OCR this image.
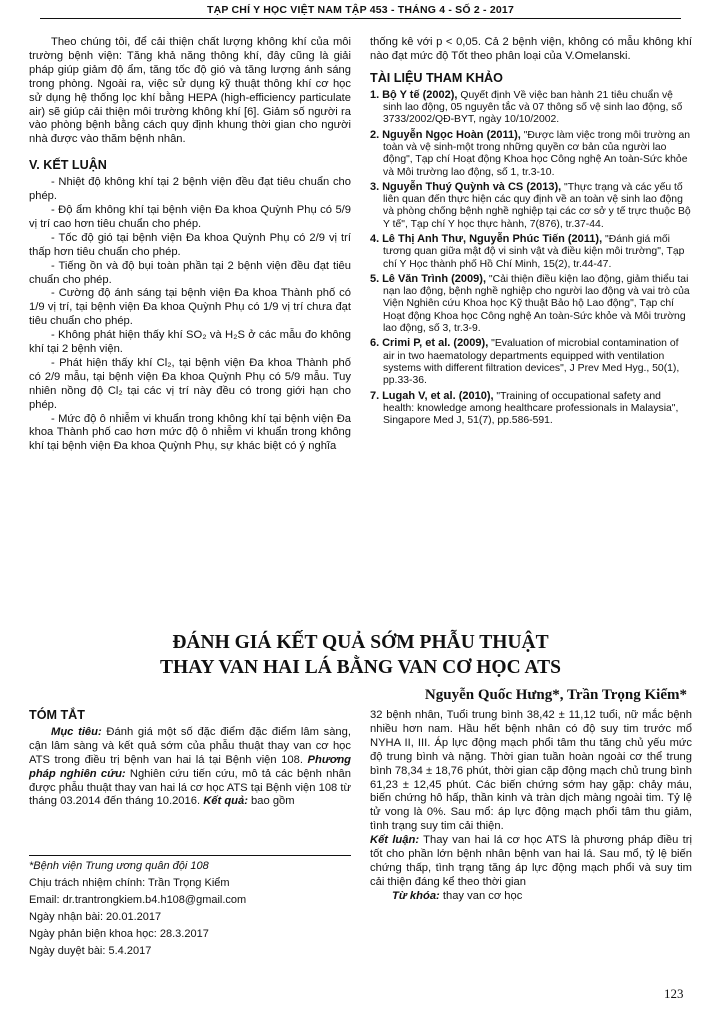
TẠP CHÍ Y HỌC VIỆT NAM TẬP 453 - THÁNG 4 - SỐ 2 - 2017

Theo chúng tôi, để cải thiện chất lượng không khí của môi trường bệnh viện: Tăng khả năng thông khí, đây cũng là giải pháp giúp giảm độ ẩm, tăng tốc độ gió và tăng lượng ánh sáng trong phòng. Ngoài ra, việc sử dụng kỹ thuật thông khí cơ học sử dụng hệ thống lọc khí bằng HEPA (high-efficiency particulate air) sẽ giúp cải thiện môi trường không khí [6]. Giảm số người ra vào phòng bệnh bằng cách quy định khung thời gian cho người nhà được vào thăm bệnh nhân.

V. KẾT LUẬN

- Nhiệt độ không khí tại 2 bệnh viện đều đạt tiêu chuẩn cho phép.

- Độ ẩm không khí tại bệnh viện Đa khoa Quỳnh Phụ có 5/9 vị trí cao hơn tiêu chuẩn cho phép.

- Tốc độ gió tại bệnh viện Đa khoa Quỳnh Phụ có 2/9 vị trí thấp hơn tiêu chuẩn cho phép.

- Tiếng ồn và độ bụi toàn phần tại 2 bệnh viện đều đạt tiêu chuẩn cho phép.

- Cường độ ánh sáng tại bệnh viện Đa khoa Thành phố có 1/9 vị trí, tại bệnh viện Đa khoa Quỳnh Phụ có 1/9 vị trí chưa đạt tiêu chuẩn cho phép.

- Không phát hiện thấy khí SO₂ và H₂S ở các mẫu đo không khí tại 2 bệnh viện.

- Phát hiện thấy khí Cl₂, tại bệnh viện Đa khoa Thành phố có 2/9 mẫu, tại bệnh viện Đa khoa Quỳnh Phụ có 5/9 mẫu. Tuy nhiên nồng độ Cl₂ tại các vị trí này đều có trong giới hạn cho phép.

- Mức độ ô nhiễm vi khuẩn trong không khí tại bệnh viện Đa khoa Thành phố cao hơn mức độ ô nhiễm vi khuẩn trong không khí tại bệnh viện Đa khoa Quỳnh Phụ, sự khác biệt có ý nghĩa

thống kê với p < 0,05. Cả 2 bệnh viện, không có mẫu không khí nào đạt mức độ Tốt theo phân loại của V.Omelanski.

TÀI LIỆU THAM KHẢO
1. Bộ Y tế (2002), Quyết định Về việc ban hành 21 tiêu chuẩn vệ sinh lao động, 05 nguyên tắc và 07 thông số vệ sinh lao động, số 3733/2002/QĐ-BYT, ngày 10/10/2002.
2. Nguyễn Ngọc Hoàn (2011), "Được làm việc trong môi trường an toàn và vệ sinh-một trong những quyền cơ bản của người lao động", Tạp chí Hoạt động Khoa học Công nghệ An toàn-Sức khỏe và Môi trường lao động, số 1, tr.3-10.
3. Nguyễn Thuý Quỳnh và CS (2013), "Thực trạng và các yếu tố liên quan đến thực hiện các quy định về an toàn vệ sinh lao động và phòng chống bệnh nghề nghiệp tại các cơ sở y tế trực thuộc Bộ Y tế", Tạp chí Y học thực hành, 7(876), tr.37-44.
4. Lê Thị Anh Thư, Nguyễn Phúc Tiến (2011), "Đánh giá mối tương quan giữa mật độ vi sinh vật và điều kiện môi trường", Tạp chí Y Học thành phố Hồ Chí Minh, 15(2), tr.44-47.
5. Lê Văn Trình (2009), "Cải thiện điều kiện lao động, giảm thiểu tai nạn lao động, bệnh nghề nghiệp cho người lao động và vai trò của Viện Nghiên cứu Khoa học Kỹ thuật Bảo hộ Lao động", Tạp chí Hoạt động Khoa học Công nghệ An toàn-Sức khỏe và Môi trường lao động, số 3, tr.3-9.
6. Crimi P, et al. (2009), "Evaluation of microbial contamination of air in two haematology departments equipped with ventilation systems with different filtration devices", J Prev Med Hyg., 50(1), pp.33-36.
7. Lugah V, et al. (2010), "Training of occupational safety and health: knowledge among healthcare professionals in Malaysia", Singapore Med J, 51(7), pp.586-591.
ĐÁNH GIÁ KẾT QUẢ SỚM PHẪU THUẬT
THAY VAN HAI LÁ BẰNG VAN CƠ HỌC ATS
Nguyễn Quốc Hưng*, Trần Trọng Kiểm*
TÓM TẮT

Mục tiêu: Đánh giá một số đặc điểm đặc điểm lâm sàng, cận lâm sàng và kết quả sớm của phẫu thuật thay van cơ học ATS trong điều trị bệnh van hai lá tại Bệnh viện 108. Phương pháp nghiên cứu: Nghiên cứu tiến cứu, mô tả các bệnh nhân được phẫu thuật thay van hai lá cơ học ATS tại Bệnh viện 108 từ tháng 03.2014 đến tháng 10.2016. Kết quả: bao gồm

32 bệnh nhân, Tuổi trung bình 38,42 ± 11,12 tuổi, nữ mắc bệnh nhiều hơn nam. Hầu hết bệnh nhân có độ suy tim trước mổ NYHA II, III. Áp lực động mạch phổi tâm thu tăng chủ yếu mức độ trung bình và nặng. Thời gian tuần hoàn ngoài cơ thể trung bình 78,34 ± 18,76 phút, thời gian cặp động mạch chủ trung bình 61,23 ± 12,45 phút. Các biến chứng sớm hay gặp: chảy máu, biến chứng hô hấp, thần kinh và tràn dịch màng ngoài tim. Tỷ lệ tử vong là 0%. Sau mổ: áp lực động mạch phổi tâm thu giảm, tình trạng suy tim cải thiện.

Kết luận: Thay van hai lá cơ học ATS là phương pháp điều trị tốt cho phần lớn bệnh nhân bệnh van hai lá. Sau mổ, tỷ lệ biến chứng thấp, tình trạng tăng áp lực động mạch phổi và suy tim cải thiện đáng kể theo thời gian

Từ khóa: thay van cơ học

*Bệnh viện Trung ương quân đội 108
Chịu trách nhiệm chính: Trần Trọng Kiểm
Email: dr.trantrongkiem.b4.h108@gmail.com
Ngày nhận bài: 20.01.2017
Ngày phản biện khoa học: 28.3.2017
Ngày duyệt bài: 5.4.2017
123
